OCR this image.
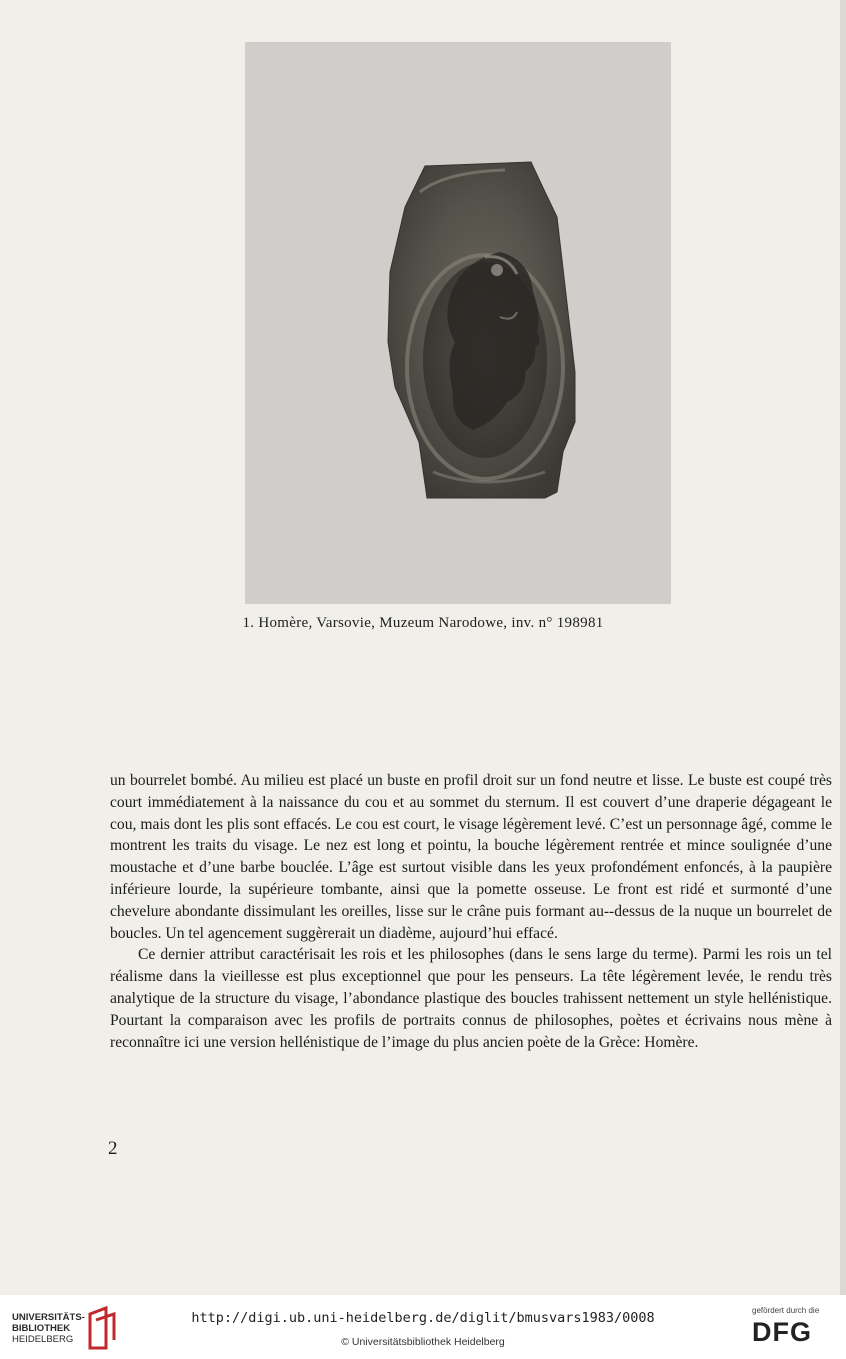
1. Homère, Varsovie, Muzeum Narodowe, inv. n° 198981

un bourrelet bombé. Au milieu est placé un buste en profil droit sur un fond neutre et lisse. Le buste est coupé très court immédiatement à la naissance du cou et au sommet du sternum. Il est couvert d’une draperie dégageant le cou, mais dont les plis sont effacés. Le cou est court, le visage légèrement levé. C’est un personnage âgé, comme le montrent les traits du visage. Le nez est long et pointu, la bouche légèrement rentrée et mince soulignée d’une moustache et d’une barbe bouclée. L’âge est surtout visible dans les yeux profondément enfoncés, à la paupière inférieure lourde, la supérieure tombante, ainsi que la pomette osseuse. Le front est ridé et surmonté d’une chevelure abondante dissimulant les oreilles, lisse sur le crâne puis formant au--dessus de la nuque un bourrelet de boucles. Un tel agencement suggèrerait un diadème, aujourd’hui effacé.

Ce dernier attribut caractérisait les rois et les philosophes (dans le sens large du terme). Parmi les rois un tel réalisme dans la vieillesse est plus exceptionnel que pour les penseurs. La tête légèrement levée, le rendu très analytique de la structure du visage, l’abondance plastique des boucles trahissent nettement un style hellénistique. Pourtant la comparaison avec les profils de portraits connus de philosophes, poètes et écrivains nous mène à reconnaître ici une version hellénistique de l’image du plus ancien poète de la Grèce: Homère.

2
UNIVERSITÄTS-
BIBLIOTHEK
HEIDELBERG
http://digi.ub.uni-heidelberg.de/diglit/bmusvars1983/0008
© Universitätsbibliothek Heidelberg
gefördert durch die
DFG
